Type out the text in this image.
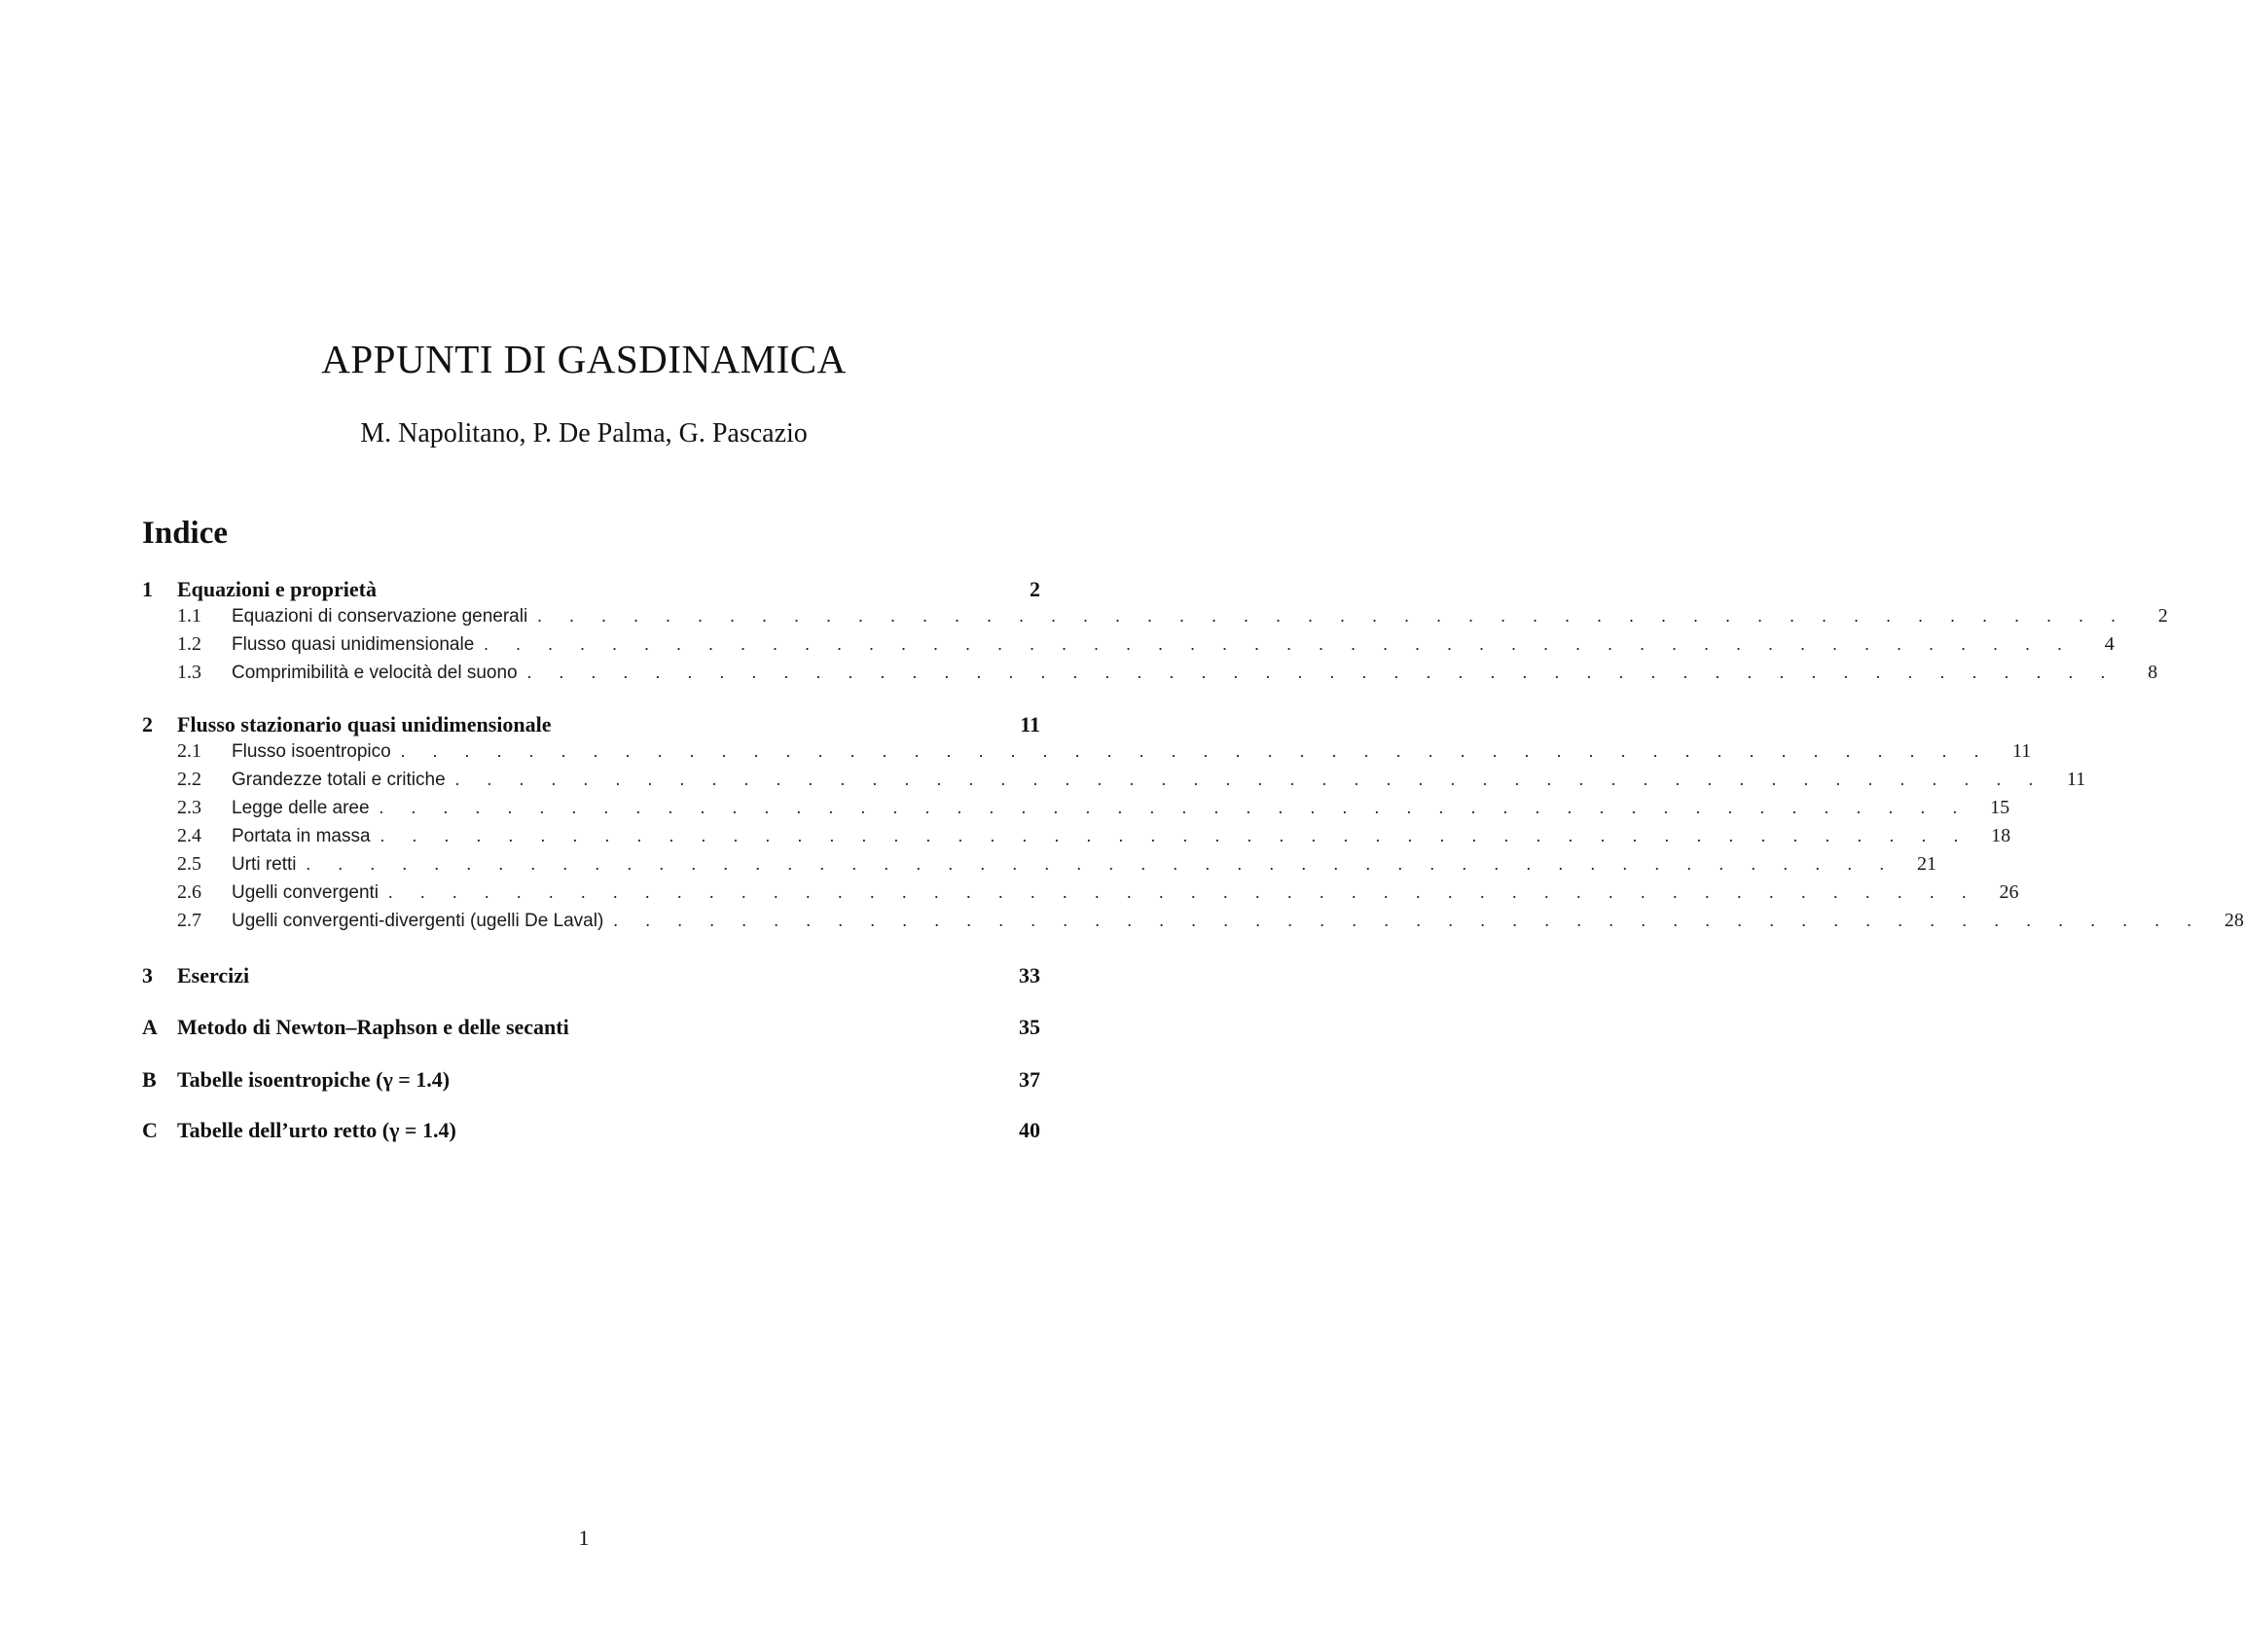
APPUNTI DI GASDINAMICA

M. Napolitano, P. De Palma, G. Pascazio

Indice
1	Equazioni e proprietà	2
1.1	Equazioni di conservazione generali . . . . . . . . . . . . . . . . . . . . . . . . . . . . . . . . . . . . . . . . . . . . . . . . . .	2
1.2	Flusso quasi unidimensionale . . . . . . . . . . . . . . . . . . . . . . . . . . . . . . . . . . . . . . . . . . . . . . . . . .	4
1.3	Comprimibilità e velocità del suono . . . . . . . . . . . . . . . . . . . . . . . . . . . . . . . . . . . . . . . . . . . . . . . . . .	8
2	Flusso stazionario quasi unidimensionale	11
2.1	Flusso isoentropico . . . . . . . . . . . . . . . . . . . . . . . . . . . . . . . . . . . . . . . . . . . . . . . . . .	11
2.2	Grandezze totali e critiche . . . . . . . . . . . . . . . . . . . . . . . . . . . . . . . . . . . . . . . . . . . . . . . . . .	11
2.3	Legge delle aree . . . . . . . . . . . . . . . . . . . . . . . . . . . . . . . . . . . . . . . . . . . . . . . . . .	15
2.4	Portata in massa . . . . . . . . . . . . . . . . . . . . . . . . . . . . . . . . . . . . . . . . . . . . . . . . . .	18
2.5	Urti retti . . . . . . . . . . . . . . . . . . . . . . . . . . . . . . . . . . . . . . . . . . . . . . . . . .	21
2.6	Ugelli convergenti . . . . . . . . . . . . . . . . . . . . . . . . . . . . . . . . . . . . . . . . . . . . . . . . . .	26
2.7	Ugelli convergenti-divergenti (ugelli De Laval) . . . . . . . . . . . . . . . . . . . . . . . . . . . . . . . . . . . . . . . . . . . . . . . . . .	28
3	Esercizi	33
A Metodo di Newton–Raphson e delle secanti	35
B Tabelle isoentropiche (γ = 1.4)	37
C Tabelle dell’urto retto (γ = 1.4)	40
1
